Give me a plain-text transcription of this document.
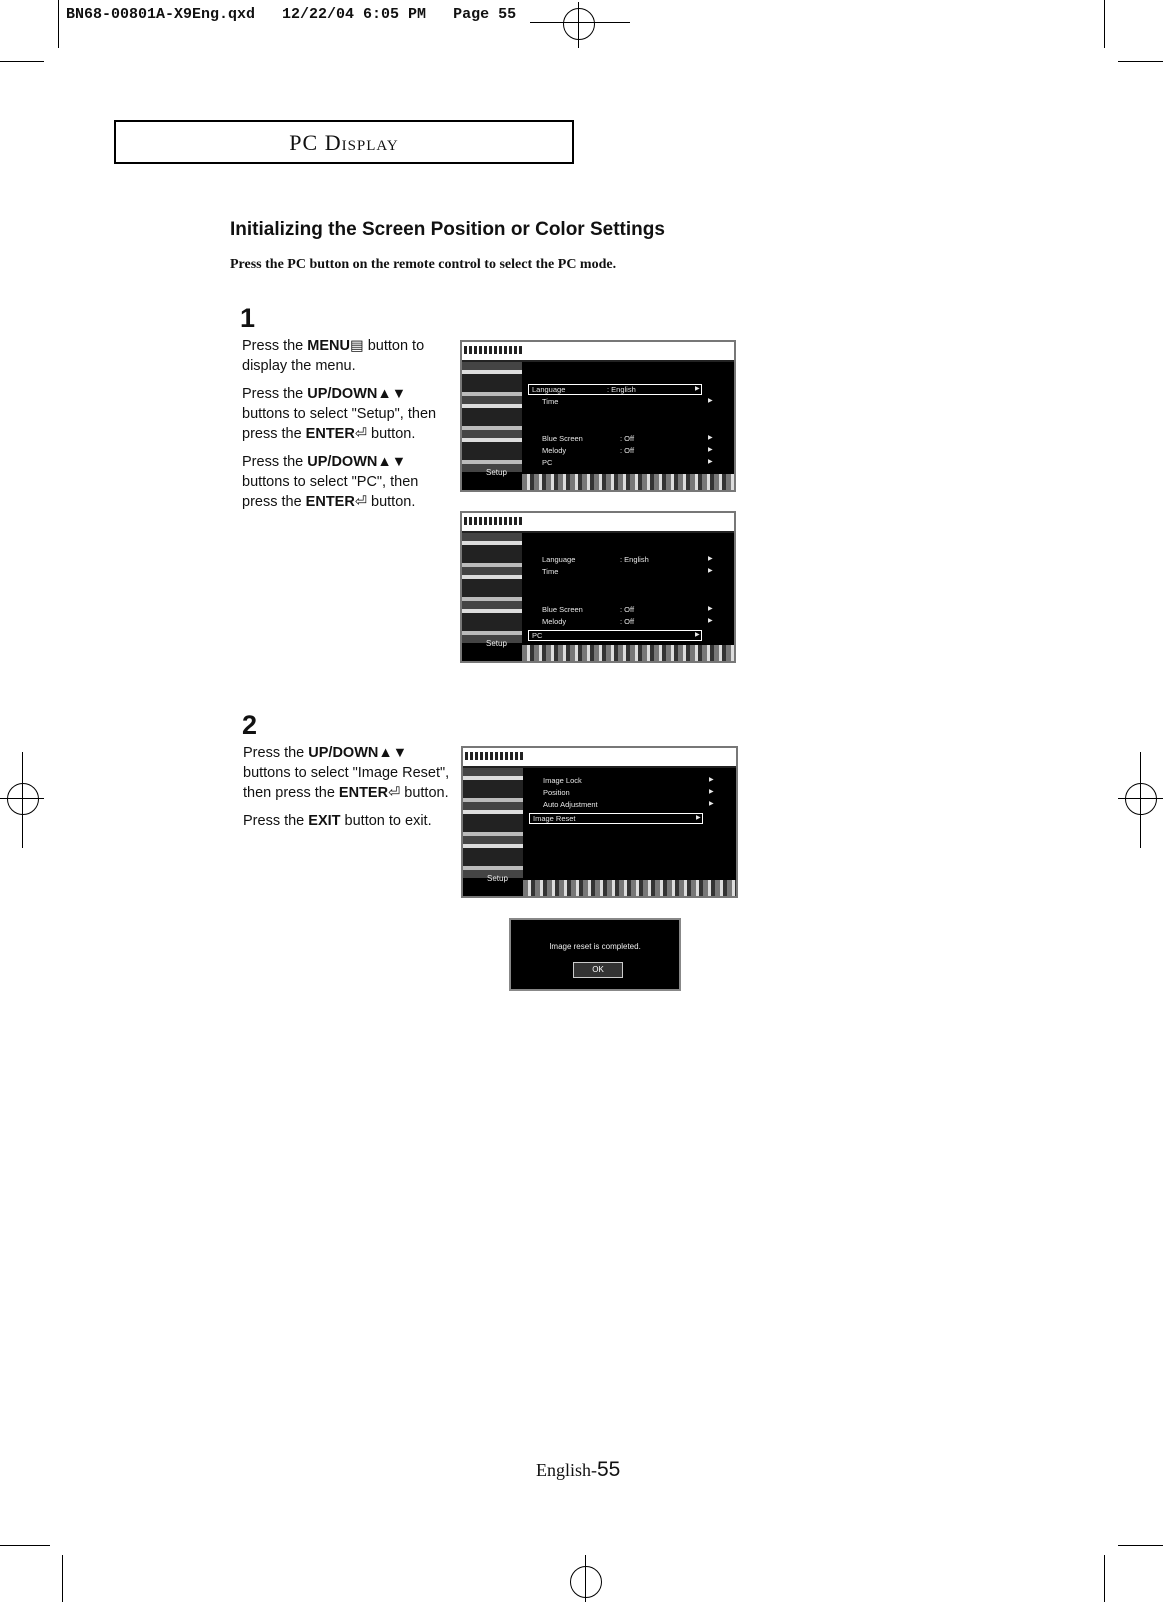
BN68-00801A-X9Eng.qxd   12/22/04 6:05 PM   Page 55
PC Display
Initializing the Screen Position or Color Settings
Press the PC button on the remote control to select the PC mode.
1

Press the MENU▤ button to display the menu.

Press the UP/DOWN▲▼ buttons to select "Setup", then press the ENTER⏎ button.

Press the UP/DOWN▲▼ buttons to select "PC", then press the ENTER⏎ button.

Setup
Language	: English	▶
Time	▶
Blue Screen	: Off	▶
Melody	: Off	▶
PC	▶
Setup
Language	: English	▶
Time	▶
Blue Screen	: Off	▶
Melody	: Off	▶
PC	▶
2

Press the UP/DOWN▲▼ buttons to select "Image Reset", then press the ENTER⏎ button.

Press the EXIT button to exit.

Setup
Image Lock	▶
Position	▶
Auto Adjustment	▶
Image Reset	▶
Image reset is completed.
OK
English-55
